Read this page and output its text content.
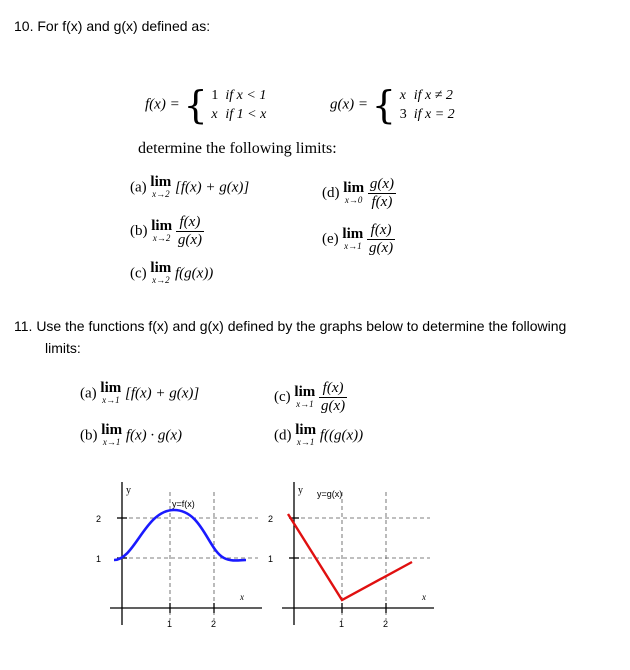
10. For f(x) and g(x) defined as:
f(x) = { 1 if x < 1
x if 1 < x
g(x) = { x if x ≠ 2
3 if x = 2
determine the following limits:
(a) lim
x→2 [f(x) + g(x)]
(b) lim
x→2
$\frac{f(x)}{g(x)}$
(c) lim
x→2 f(g(x))
(d) lim
x→0
$\frac{g(x)}{f(x)}$
(e) lim
x→1
$\frac{f(x)}{g(x)}$
11. Use the functions f(x) and g(x) defined by the graphs below to determine the following
limits:
(a) lim
x→1 [f(x) + g(x)]
(b) lim
x→1 f(x) · g(x)
(c) lim
x→1
$\frac{f(x)}{g(x)}$
(d) lim
x→1 f((g(x))
y
x
2
1
1	2
y=f(x)
y
x
2
1
1	2
y=g(x)
